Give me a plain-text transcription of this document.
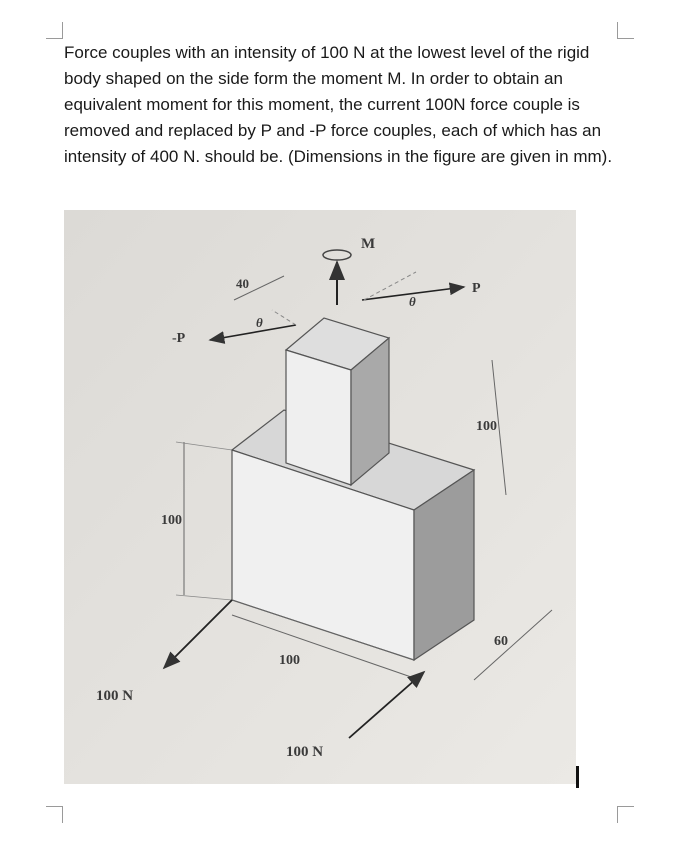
Force couples with an intensity of 100 N at the lowest level of the rigid body shaped on the side form the moment M. In order to obtain an equivalent moment for this moment, the current 100N force couple is removed and replaced by P and -P force couples, each of which has an intensity of 400 N. should be. (Dimensions in the figure are given in mm).

M
P
θ
-P
θ
40
100
100
100
60
100 N
100 N
